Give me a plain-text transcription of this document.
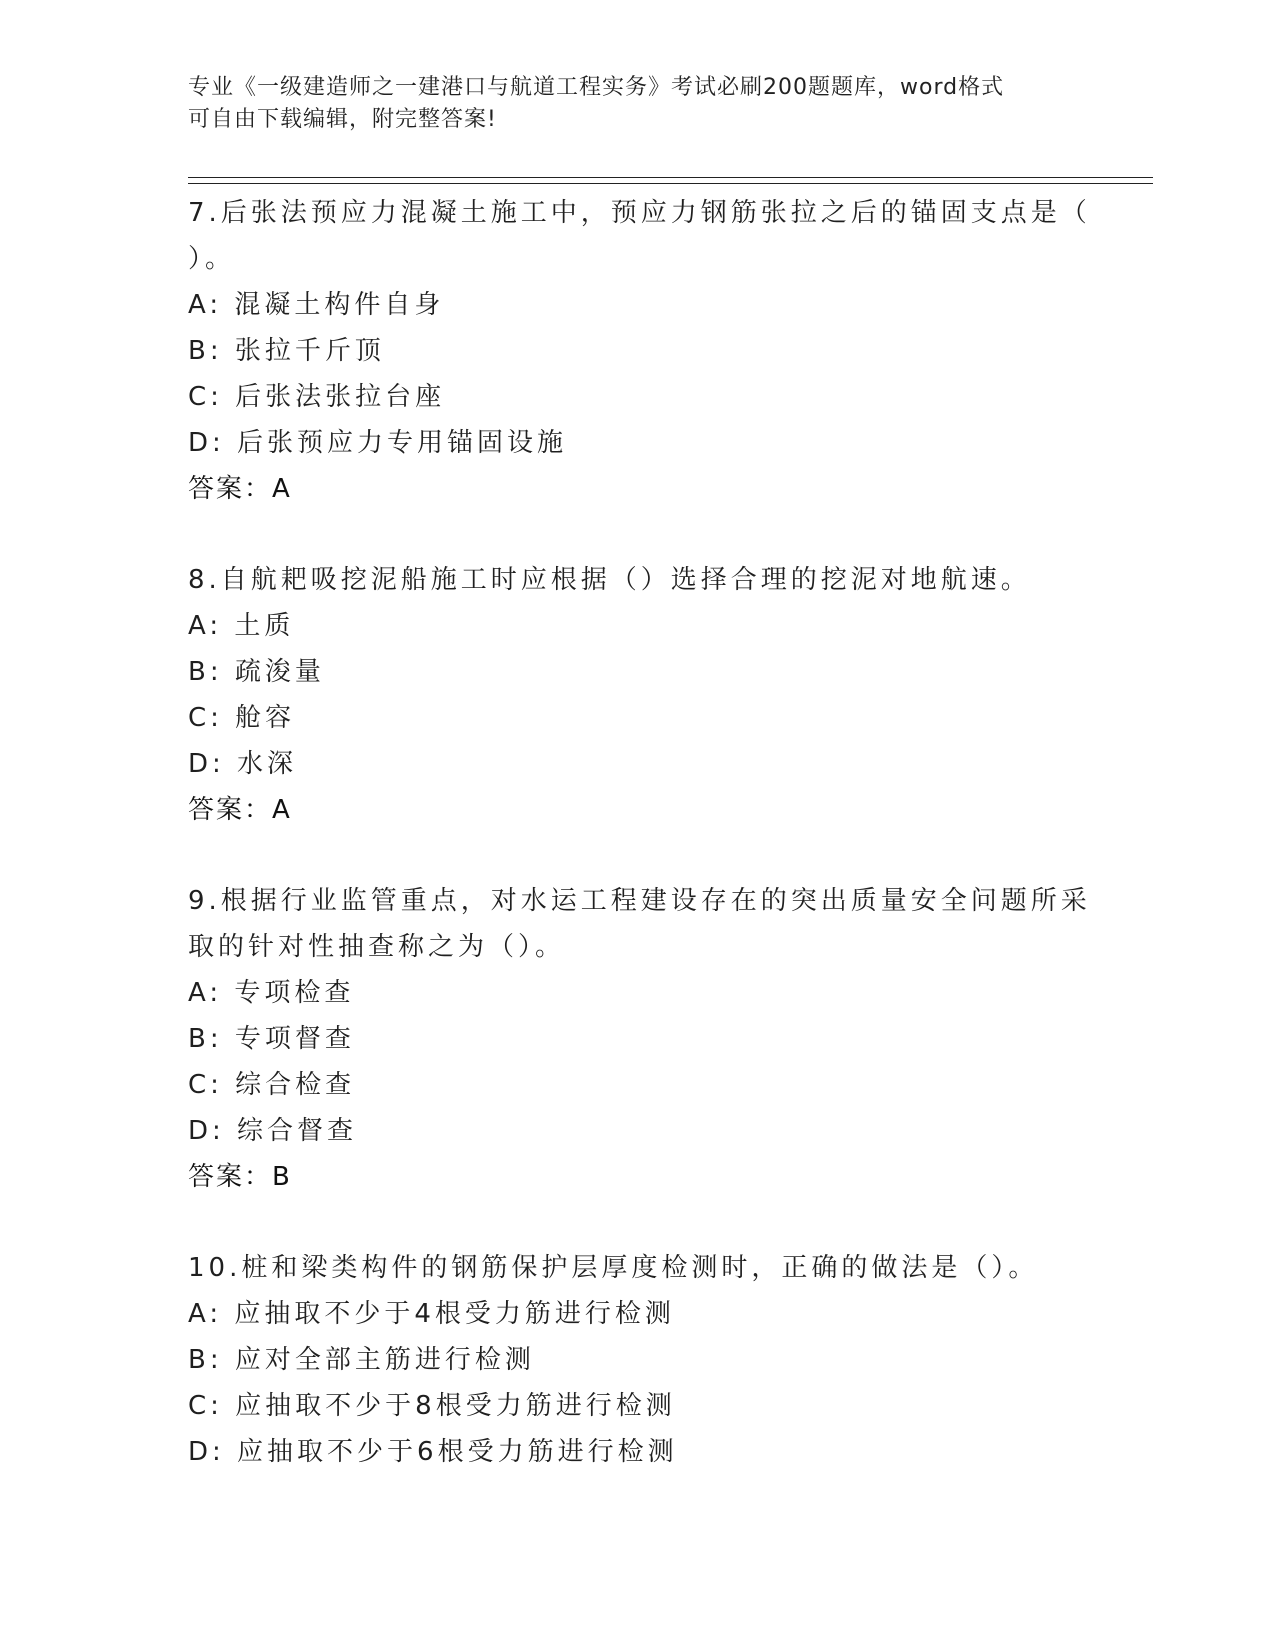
专业《一级建造师之一建港口与航道工程实务》考试必刷200题题库，word格式
可自由下载编辑，附完整答案!
7.后张法预应力混凝土施工中，预应力钢筋张拉之后的锚固支点是（
）。
A: 混凝土构件自身
B: 张拉千斤顶
C: 后张法张拉台座
D: 后张预应力专用锚固设施
答案：A
8.自航耙吸挖泥船施工时应根据（）选择合理的挖泥对地航速。
A: 土质
B: 疏浚量
C: 舱容
D: 水深
答案：A
9.根据行业监管重点，对水运工程建设存在的突出质量安全问题所采
取的针对性抽查称之为（）。
A: 专项检查
B: 专项督查
C: 综合检查
D: 综合督查
答案：B
10.桩和梁类构件的钢筋保护层厚度检测时，正确的做法是（）。
A: 应抽取不少于4根受力筋进行检测
B: 应对全部主筋进行检测
C: 应抽取不少于8根受力筋进行检测
D: 应抽取不少于6根受力筋进行检测
